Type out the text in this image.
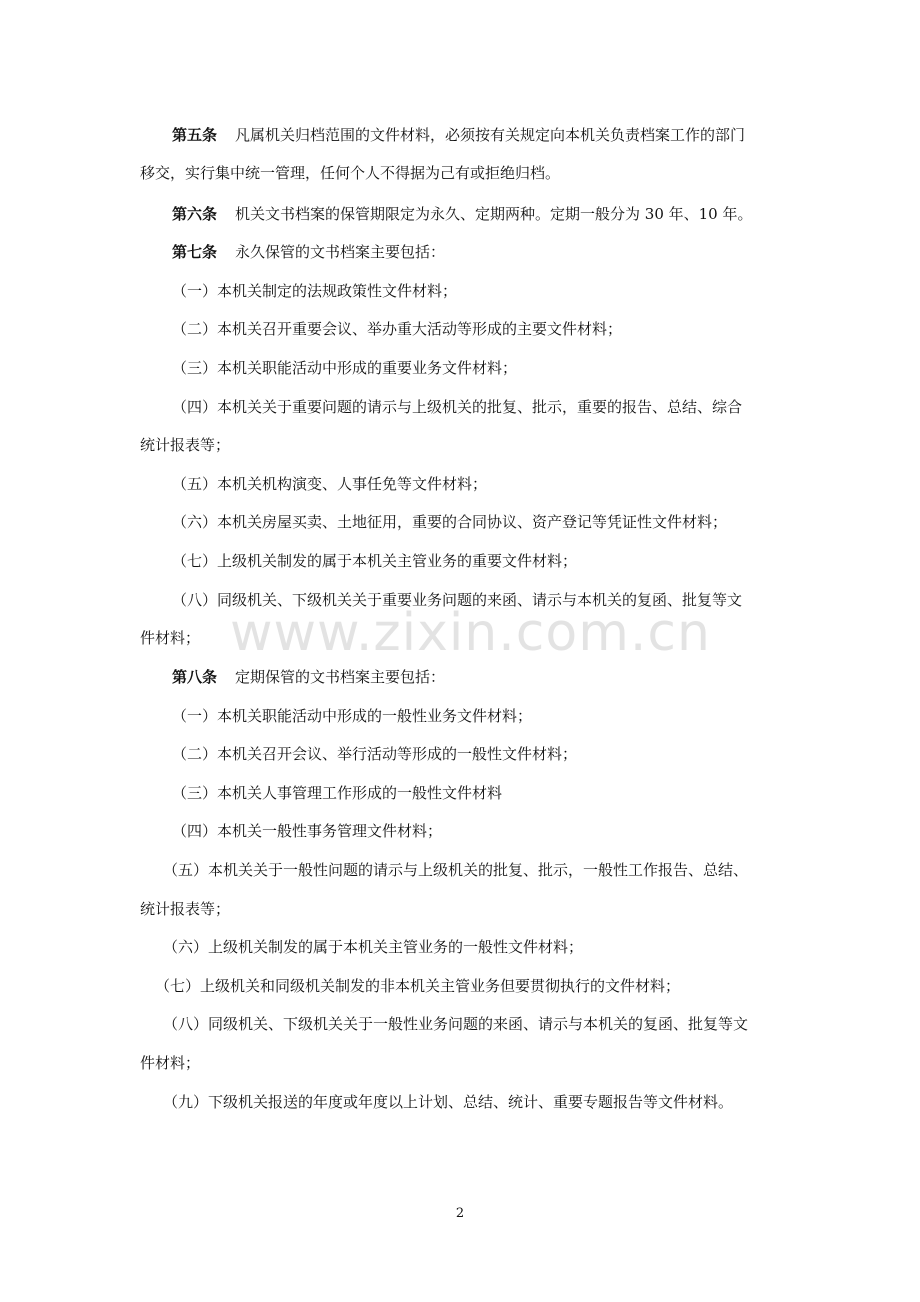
www.zixin.com.cn
第五条 凡属机关归档范围的文件材料，必须按有关规定向本机关负责档案工作的部门
移交，实行集中统一管理，任何个人不得据为己有或拒绝归档。
第六条 机关文书档案的保管期限定为永久、定期两种。定期一般分为 30 年、10 年。
第七条 永久保管的文书档案主要包括：
（一）本机关制定的法规政策性文件材料；
（二）本机关召开重要会议、举办重大活动等形成的主要文件材料；
（三）本机关职能活动中形成的重要业务文件材料；
（四）本机关关于重要问题的请示与上级机关的批复、批示，重要的报告、总结、综合
统计报表等；
（五）本机关机构演变、人事任免等文件材料；
（六）本机关房屋买卖、土地征用，重要的合同协议、资产登记等凭证性文件材料；
（七）上级机关制发的属于本机关主管业务的重要文件材料；
（八）同级机关、下级机关关于重要业务问题的来函、请示与本机关的复函、批复等文
件材料；
第八条 定期保管的文书档案主要包括：
（一）本机关职能活动中形成的一般性业务文件材料；
（二）本机关召开会议、举行活动等形成的一般性文件材料；
（三）本机关人事管理工作形成的一般性文件材料
（四）本机关一般性事务管理文件材料；
（五）本机关关于一般性问题的请示与上级机关的批复、批示，一般性工作报告、总结、
统计报表等；
（六）上级机关制发的属于本机关主管业务的一般性文件材料；
（七）上级机关和同级机关制发的非本机关主管业务但要贯彻执行的文件材料；
（八）同级机关、下级机关关于一般性业务问题的来函、请示与本机关的复函、批复等文
件材料；
（九）下级机关报送的年度或年度以上计划、总结、统计、重要专题报告等文件材料。
2
